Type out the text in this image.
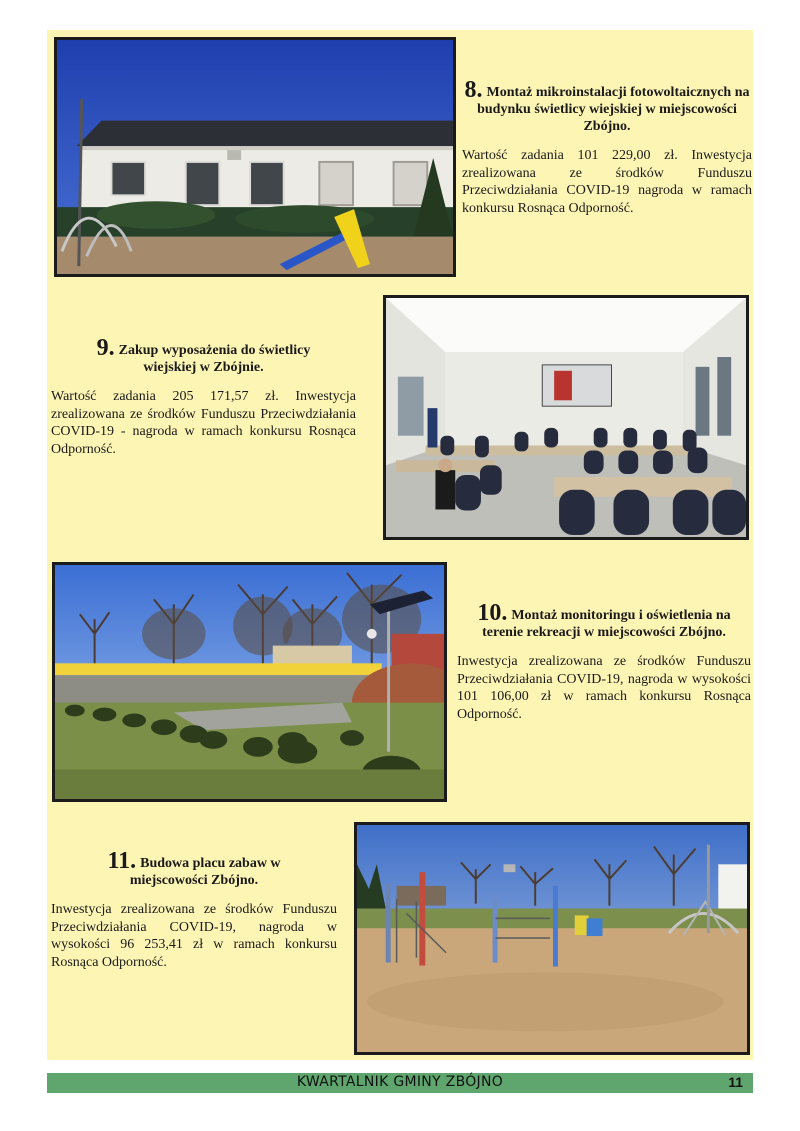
8. Montaż mikroinstalacji fotowoltaicznych na budynku świetlicy wiejskiej w miejscowości Zbójno.

Wartość zadania 101 229,00 zł. Inwestycja zrealizowana ze środków Funduszu Przeciwdziałania COVID-19 nagroda w ramach konkursu Rosnąca Odporność.

9. Zakup wyposażenia do świetlicy wiejskiej w Zbójnie.

Wartość zadania 205 171,57 zł. Inwestycja zrealizowana ze środków Funduszu Przeciwdziałania COVID-19 - nagroda w ramach konkursu Rosnąca Odporność.

10. Montaż monitoringu i oświetlenia na terenie rekreacji w miejscowości Zbójno.

Inwestycja zrealizowana ze środków Funduszu Przeciwdziałania COVID-19, nagroda w wysokości 101 106,00 zł w ramach konkursu Rosnąca Odporność.

11. Budowa placu zabaw w miejscowości Zbójno.

Inwestycja zrealizowana ze środków Funduszu Przeciwdziałania COVID-19, nagroda w wysokości 96 253,41 zł w ramach konkursu Rosnąca Odporność.

KWARTALNIK GMINY ZBÓJNO	11
